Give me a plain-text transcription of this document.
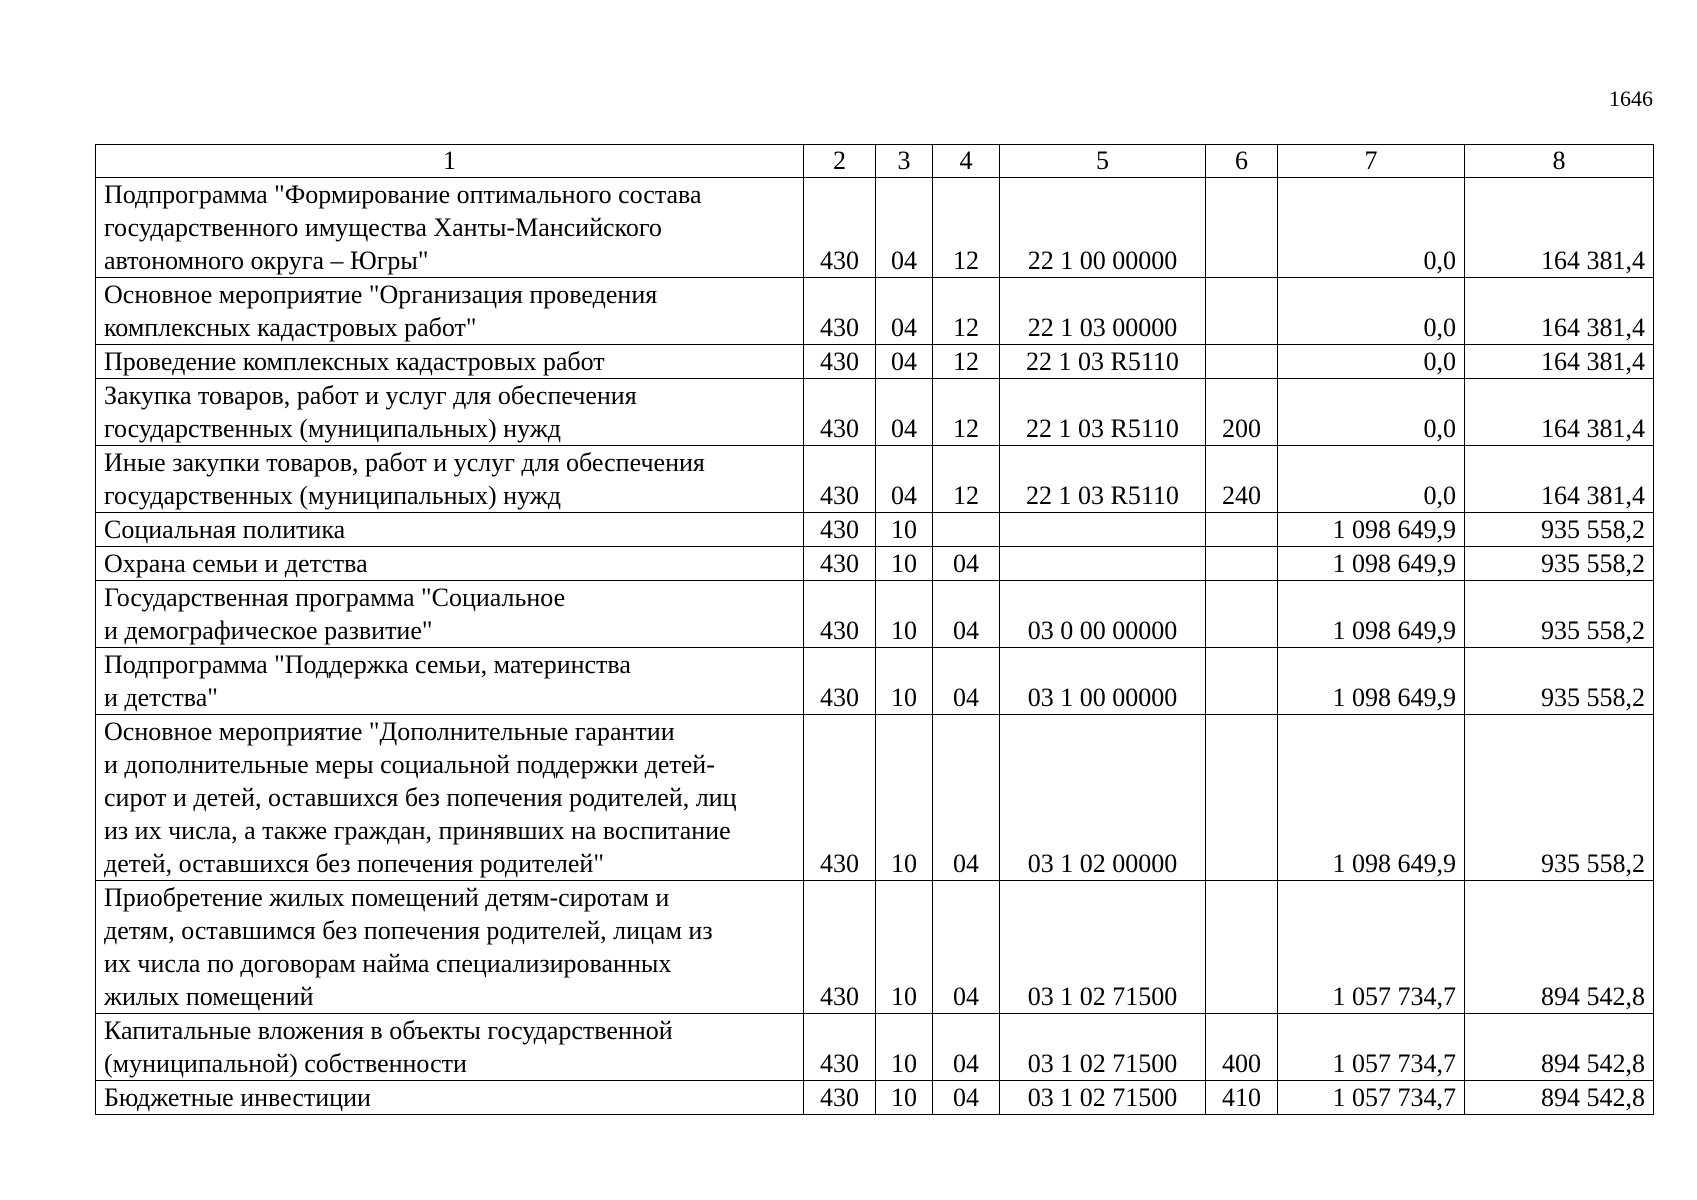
1646
1	2	3	4	5	6	7	8
Подпрограмма "Формирование оптимального состава
государственного имущества Ханты-Мансийского
автономного округа – Югры"	430	04	12	22 1 00 00000		0,0	164 381,4
Основное мероприятие "Организация проведения
комплексных кадастровых работ"	430	04	12	22 1 03 00000		0,0	164 381,4
Проведение комплексных кадастровых работ	430	04	12	22 1 03 R5110		0,0	164 381,4
Закупка товаров, работ и услуг для обеспечения
государственных (муниципальных) нужд	430	04	12	22 1 03 R5110	200	0,0	164 381,4
Иные закупки товаров, работ и услуг для обеспечения
государственных (муниципальных) нужд	430	04	12	22 1 03 R5110	240	0,0	164 381,4
Социальная политика	430	10				1 098 649,9	935 558,2
Охрана семьи и детства	430	10	04			1 098 649,9	935 558,2
Государственная программа "Социальное
и демографическое развитие"	430	10	04	03 0 00 00000		1 098 649,9	935 558,2
Подпрограмма "Поддержка семьи, материнства
и детства"	430	10	04	03 1 00 00000		1 098 649,9	935 558,2
Основное мероприятие "Дополнительные гарантии
и дополнительные меры социальной поддержки детей-
сирот и детей, оставшихся без попечения родителей, лиц
из их числа, а также граждан, принявших на воспитание
детей, оставшихся без попечения родителей"	430	10	04	03 1 02 00000		1 098 649,9	935 558,2
Приобретение жилых помещений детям-сиротам и
детям, оставшимся без попечения родителей, лицам из
их числа по договорам найма специализированных
жилых помещений	430	10	04	03 1 02 71500		1 057 734,7	894 542,8
Капитальные вложения в объекты государственной
(муниципальной) собственности	430	10	04	03 1 02 71500	400	1 057 734,7	894 542,8
Бюджетные инвестиции	430	10	04	03 1 02 71500	410	1 057 734,7	894 542,8
